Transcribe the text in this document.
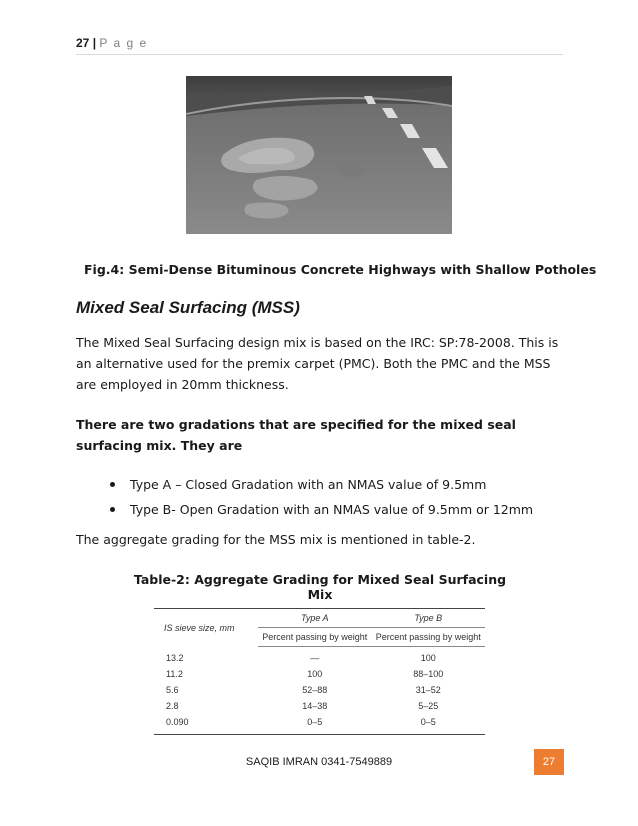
27 | P a g e
Fig.4: Semi-Dense Bituminous Concrete Highways with Shallow Potholes
Mixed Seal Surfacing (MSS)
The Mixed Seal Surfacing design mix is based on the IRC: SP:78-2008. This is an alternative used for the premix carpet (PMC). Both the PMC and the MSS are employed in 20mm thickness.
There are two gradations that are specified for the mixed seal surfacing mix. They are
Type A – Closed Gradation with an NMAS value of 9.5mm
Type B- Open Gradation with an NMAS value of 9.5mm or 12mm
The aggregate grading for the MSS mix is mentioned in table-2.
Table-2: Aggregate Grading for Mixed Seal Surfacing Mix
IS sieve size, mm	Type A	Type B
	Percent passing by weight	Percent passing by weight
13.2	—	100
11.2	100	88–100
5.6	52–88	31–52
2.8	14–38	5–25
0.090	0–5	0–5
SAQIB IMRAN 0341-7549889	27
